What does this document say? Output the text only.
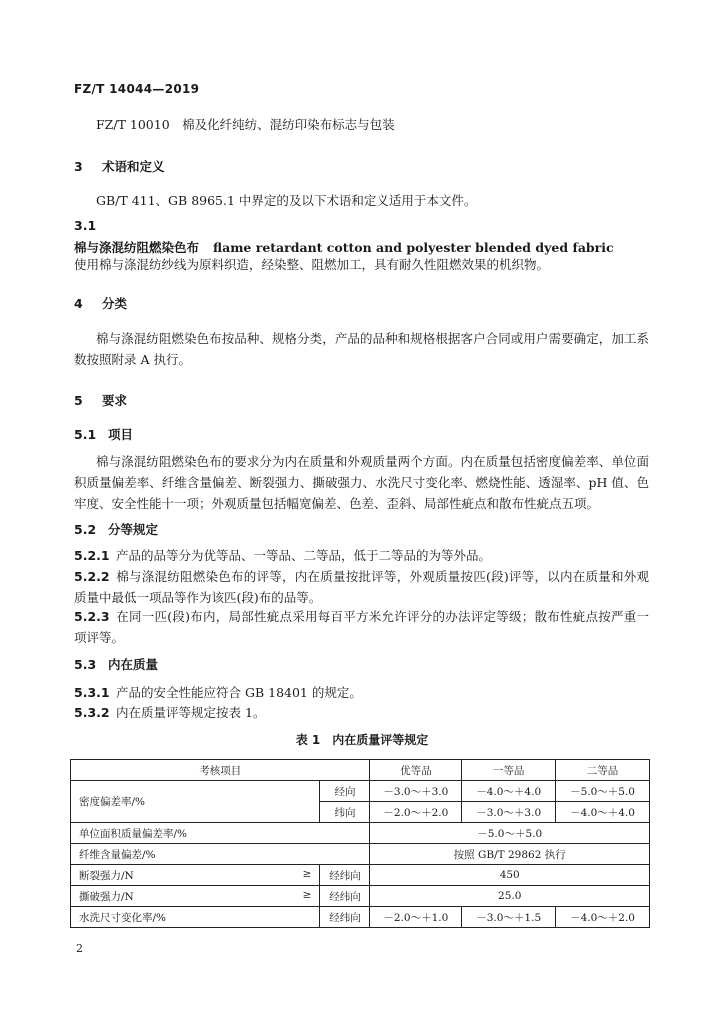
FZ/T 14044—2019
FZ/T 10010　棉及化纤纯纺、混纺印染布标志与包装
3 术语和定义
GB/T 411、GB 8965.1 中界定的及以下术语和定义适用于本文件。
3.1
棉与涤混纺阻燃染色布 flame retardant cotton and polyester blended dyed fabric
使用棉与涤混纺纱线为原料织造，经染整、阻燃加工，具有耐久性阻燃效果的机织物。
4 分类
棉与涤混纺阻燃染色布按品种、规格分类，产品的品种和规格根据客户合同或用户需要确定，加工系数按照附录 A 执行。
5 要求
5.1 项目
棉与涤混纺阻燃染色布的要求分为内在质量和外观质量两个方面。内在质量包括密度偏差率、单位面积质量偏差率、纤维含量偏差、断裂强力、撕破强力、水洗尺寸变化率、燃烧性能、透湿率、pH 值、色牢度、安全性能十一项；外观质量包括幅宽偏差、色差、歪斜、局部性疵点和散布性疵点五项。
5.2 分等规定
5.2.1 产品的品等分为优等品、一等品、二等品，低于二等品的为等外品。
5.2.2 棉与涤混纺阻燃染色布的评等，内在质量按批评等，外观质量按匹(段)评等，以内在质量和外观质量中最低一项品等作为该匹(段)布的品等。
5.2.3 在同一匹(段)布内，局部性疵点采用每百平方米允许评分的办法评定等级；散布性疵点按严重一项评等。
5.3 内在质量
5.3.1 产品的安全性能应符合 GB 18401 的规定。
5.3.2 内在质量评等规定按表 1。
表 1　内在质量评等规定
考核项目		优等品	一等品	二等品
密度偏差率/%	经向	－3.0～＋3.0	－4.0～＋4.0	－5.0～＋5.0
	纬向	－2.0～＋2.0	－3.0～＋3.0	－4.0～＋4.0
单位面积质量偏差率/%		－5.0～＋5.0		
纤维含量偏差/%		按照 GB/T 29862 执行		
断裂强力/N ≥	经纬向	450		
撕破强力/N ≥	经纬向	25.0		
水洗尺寸变化率/%	经纬向	－2.0～＋1.0	－3.0～＋1.5	－4.0～＋2.0
2
